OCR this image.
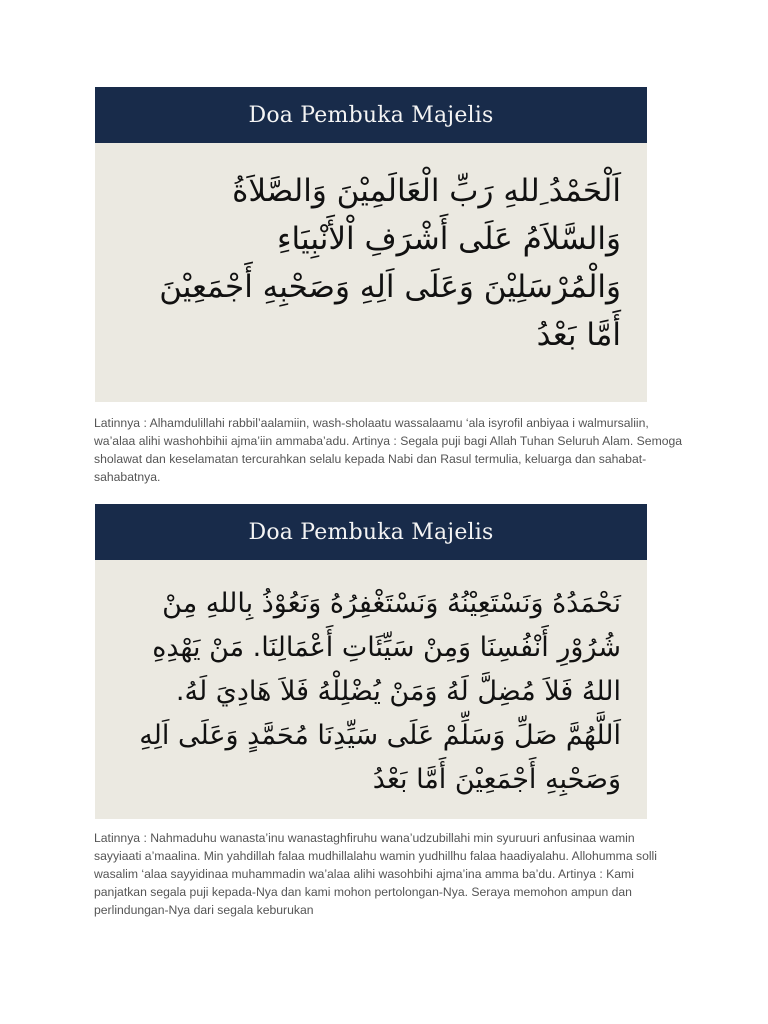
Doa Pembuka Majelis
اَلْحَمْدُ ِللهِ رَبِّ الْعَالَمِيْنَ وَالصَّلاَةُ
وَالسَّلاَمُ عَلَى أَشْرَفِ اْلأَنْبِيَاءِ
وَالْمُرْسَلِيْنَ وَعَلَى اَلِهِ وَصَحْبِهِ أَجْمَعِيْنَ
أَمَّا بَعْدُ

Latinnya : Alhamdulillahi rabbil’aalamiin, wash-sholaatu wassalaamu ‘ala isyrofil anbiyaa i walmursaliin, wa’alaa alihi washohbihii ajma’iin ammaba’adu. Artinya : Segala puji bagi Allah Tuhan Seluruh Alam. Semoga sholawat dan keselamatan tercurahkan selalu kepada Nabi dan Rasul termulia, keluarga dan sahabat-sahabatnya.

Doa Pembuka Majelis
نَحْمَدُهُ وَنَسْتَعِيْنُهُ وَنَسْتَغْفِرُهُ وَنَعُوْذُ بِاللهِ مِنْ
شُرُوْرِ أَنْفُسِنَا وَمِنْ سَيِّئَاتِ أَعْمَالِنَا. مَنْ يَهْدِهِ
اللهُ فَلاَ مُضِلَّ لَهُ وَمَنْ يُضْلِلْهُ فَلاَ هَادِيَ لَهُ.
اَللَّهُمَّ صَلِّ وَسَلِّمْ عَلَى سَيِّدِنَا مُحَمَّدٍ وَعَلَى اَلِهِ
وَصَحْبِهِ أَجْمَعِيْنَ أَمَّا بَعْدُ

Latinnya : Nahmaduhu wanasta’inu wanastaghfiruhu wana’udzubillahi min syuruuri anfusinaa wamin sayyiaati a’maalina. Min yahdillah falaa mudhillalahu wamin yudhillhu falaa haadiyalahu. Allohumma solli wasalim ‘alaa sayyidinaa muhammadin wa’alaa alihi wasohbihi ajma’ina amma ba’du. Artinya : Kami panjatkan segala puji kepada-Nya dan kami mohon pertolongan-Nya. Seraya memohon ampun dan perlindungan-Nya dari segala keburukan
